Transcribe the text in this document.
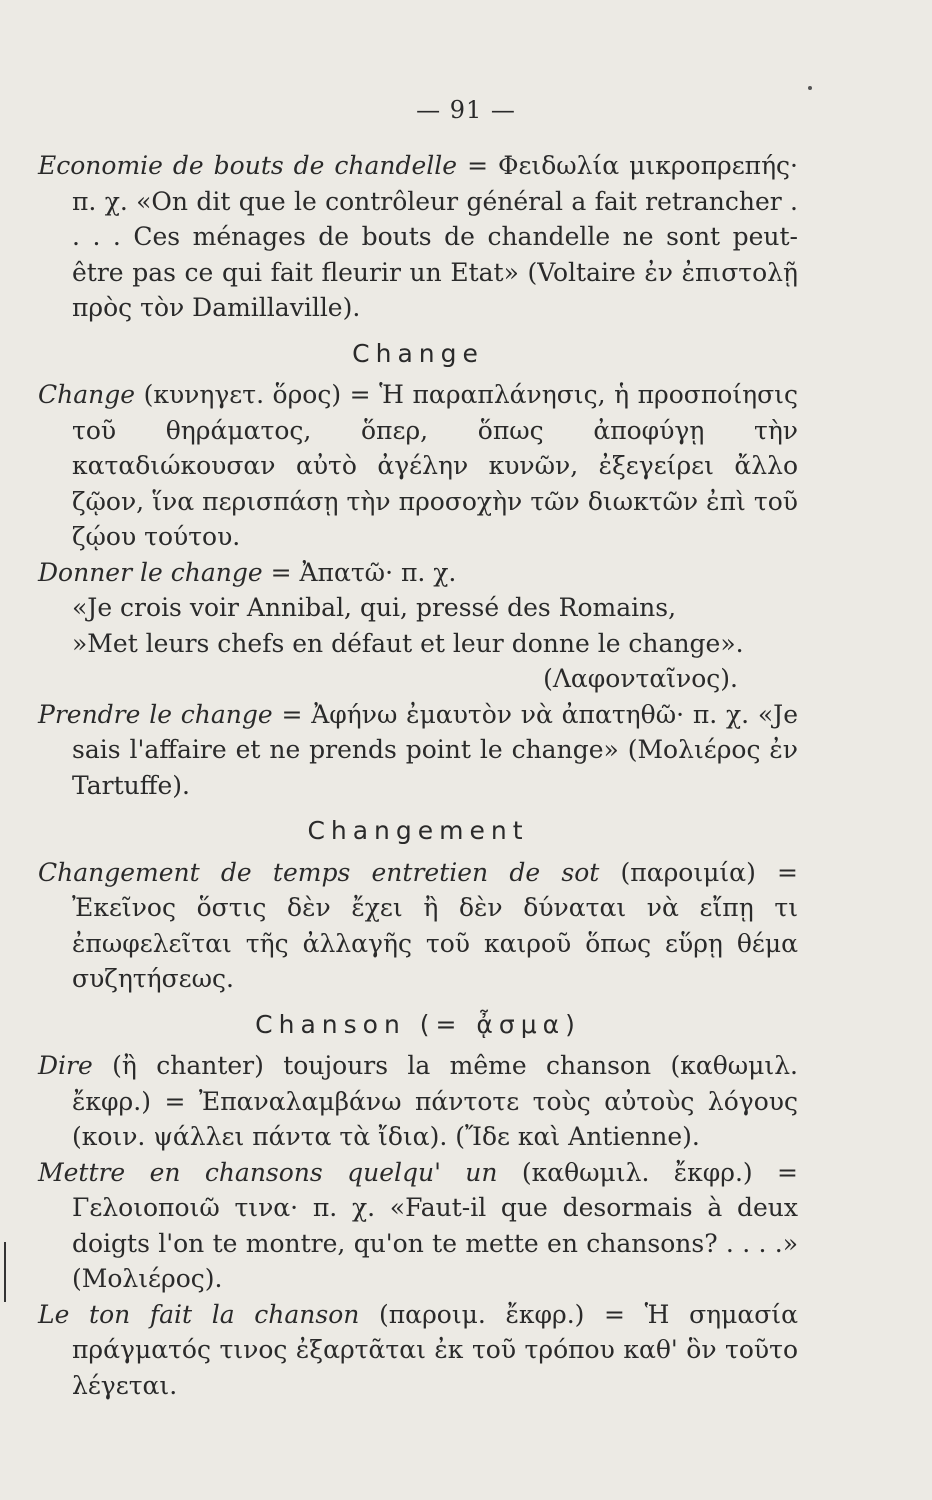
— 91 —

Economie de bouts de chandelle = Φειδωλία μικροπρεπής· π. χ. «On dit que le contrôleur général a fait retrancher . . . . Ces ménages de bouts de chandelle ne sont peut-être pas ce qui fait fleurir un Etat» (Voltaire ἐν ἐπιστολῇ πρὸς τὸν Damillaville).

Change

Change (κυνηγετ. ὅρος) = Ἡ παραπλάνησις, ἡ προσποίησις τοῦ θηράματος, ὅπερ, ὅπως ἀποφύγῃ τὴν καταδιώκουσαν αὐτὸ ἀγέλην κυνῶν, ἐξεγείρει ἄλλο ζῷον, ἵνα περισπάσῃ τὴν προσοχὴν τῶν διωκτῶν ἐπὶ τοῦ ζῴου τούτου.

Donner le change = Ἀπατῶ· π. χ.

«Je crois voir Annibal, qui, pressé des Romains,

»Met leurs chefs en défaut et leur donne le change».

(Λαφονταῖνος).

Prendre le change = Ἀφήνω ἐμαυτὸν νὰ ἀπατηθῶ· π. χ. «Je sais l'affaire et ne prends point le change» (Μολιέρος ἐν Tartuffe).

Changement

Changement de temps entretien de sot (παροιμία) = Ἐκεῖνος ὅστις δὲν ἔχει ἢ δὲν δύναται νὰ εἴπῃ τι ἐπωφελεῖται τῆς ἀλλαγῆς τοῦ καιροῦ ὅπως εὕρῃ θέμα συζητήσεως.

Chanson (= ᾆσμα)

Dire (ἢ chanter) toujours la même chanson (καθωμιλ. ἔκφρ.) = Ἐπαναλαμβάνω πάντοτε τοὺς αὐτοὺς λόγους (κοιν. ψάλλει πάντα τὰ ἴδια). (Ἴδε καὶ Antienne).

Mettre en chansons quelqu' un (καθωμιλ. ἔκφρ.) = Γελοιοποιῶ τινα· π. χ. «Faut-il que desormais à deux doigts l'on te montre, qu'on te mette en chansons? . . . .» (Μολιέρος).

Le ton fait la chanson (παροιμ. ἔκφρ.) = Ἡ σημασία πράγματός τινος ἐξαρτᾶται ἐκ τοῦ τρόπου καθ' ὃν τοῦτο λέγεται.
